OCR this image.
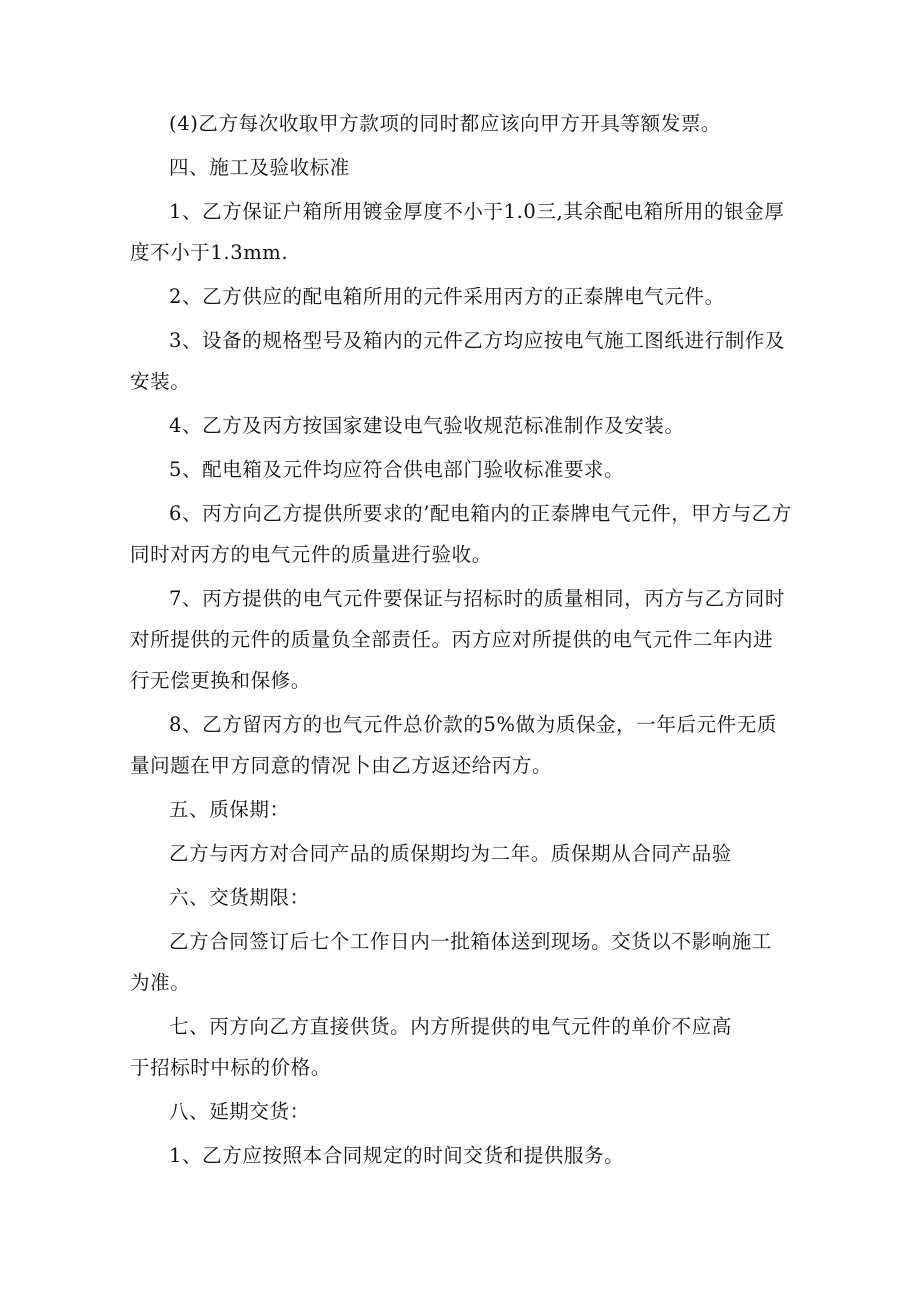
(4)乙方每次收取甲方款项的同时都应该向甲方开具等额发票。

四、施工及验收标准

1、乙方保证户箱所用镀金厚度不小于1.0三,其余配电箱所用的银金厚度不小于1.3mm.

2、乙方供应的配电箱所用的元件采用丙方的正泰牌电气元件。

3、设备的规格型号及箱内的元件乙方均应按电气施工图纸进行制作及安装。

4、乙方及丙方按国家建设电气验收规范标准制作及安装。

5、配电箱及元件均应符合供电部门验收标准要求。

6、丙方向乙方提供所要求的’配电箱内的正泰牌电气元件，甲方与乙方同时对丙方的电气元件的质量进行验收。

7、丙方提供的电气元件要保证与招标时的质量相同，丙方与乙方同时对所提供的元件的质量负全部责任。丙方应对所提供的电气元件二年内进行无偿更换和保修。

8、乙方留丙方的也气元件总价款的5%做为质保金，一年后元件无质量问题在甲方同意的情况卜由乙方返还给丙方。

五、质保期：

乙方与丙方对合同产品的质保期均为二年。质保期从合同产品验

六、交货期限：

乙方合同签订后七个工作日内一批箱体送到现场。交货以不影响施工为准。

七、丙方向乙方直接供货。内方所提供的电气元件的单价不应高

于招标时中标的价格。

八、延期交货：

1、乙方应按照本合同规定的时间交货和提供服务。
